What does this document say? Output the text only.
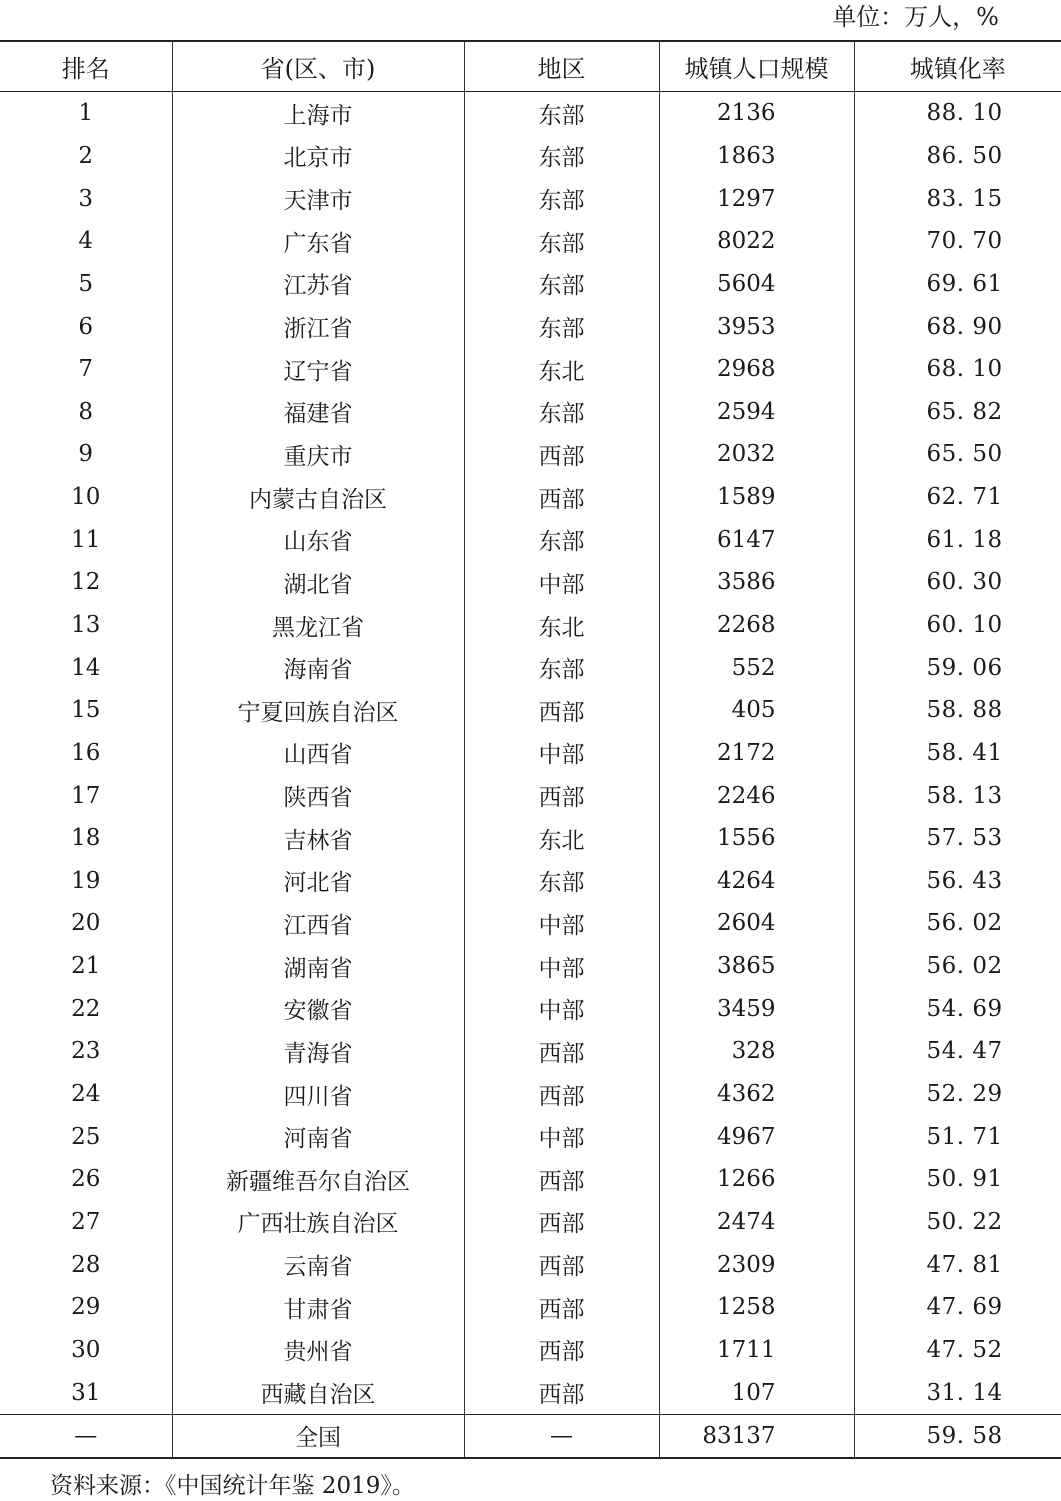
单位：万人，%
排名	省(区、市)	地区	城镇人口规模	城镇化率
1	上海市	东部	2136	88. 10
2	北京市	东部	1863	86. 50
3	天津市	东部	1297	83. 15
4	广东省	东部	8022	70. 70
5	江苏省	东部	5604	69. 61
6	浙江省	东部	3953	68. 90
7	辽宁省	东北	2968	68. 10
8	福建省	东部	2594	65. 82
9	重庆市	西部	2032	65. 50
10	内蒙古自治区	西部	1589	62. 71
11	山东省	东部	6147	61. 18
12	湖北省	中部	3586	60. 30
13	黑龙江省	东北	2268	60. 10
14	海南省	东部	552	59. 06
15	宁夏回族自治区	西部	405	58. 88
16	山西省	中部	2172	58. 41
17	陕西省	西部	2246	58. 13
18	吉林省	东北	1556	57. 53
19	河北省	东部	4264	56. 43
20	江西省	中部	2604	56. 02
21	湖南省	中部	3865	56. 02
22	安徽省	中部	3459	54. 69
23	青海省	西部	328	54. 47
24	四川省	西部	4362	52. 29
25	河南省	中部	4967	51. 71
26	新疆维吾尔自治区	西部	1266	50. 91
27	广西壮族自治区	西部	2474	50. 22
28	云南省	西部	2309	47. 81
29	甘肃省	西部	1258	47. 69
30	贵州省	西部	1711	47. 52
31	西藏自治区	西部	107	31. 14
—	全国	—	83137	59. 58
资料来源：《中国统计年鉴 2019》。
